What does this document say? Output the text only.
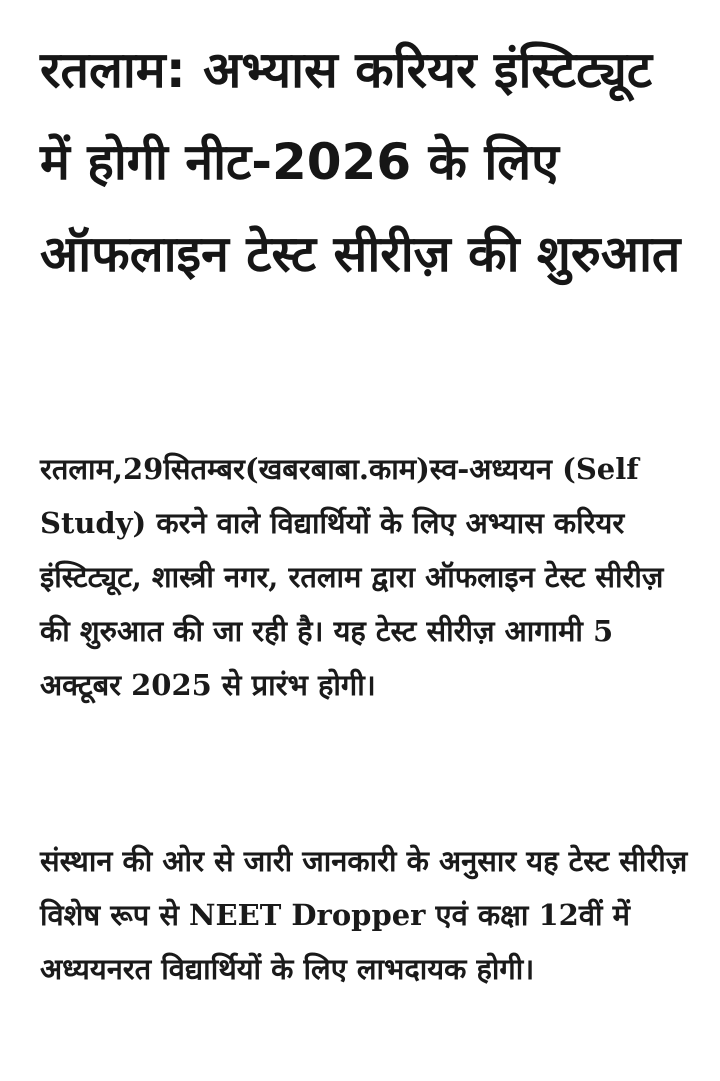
रतलाम: अभ्यास करियर इंस्टिट्यूट में होगी नीट-2026 के लिए ऑफलाइन टेस्ट सीरीज़ की शुरुआत

रतलाम,29सितम्बर(खबरबाबा.काम)स्व-अध्ययन (Self Study) करने वाले विद्यार्थियों के लिए अभ्यास करियर इंस्टिट्यूट, शास्त्री नगर, रतलाम द्वारा ऑफलाइन टेस्ट सीरीज़ की शुरुआत की जा रही है। यह टेस्ट सीरीज़ आगामी 5 अक्टूबर 2025 से प्रारंभ होगी।

संस्थान की ओर से जारी जानकारी के अनुसार यह टेस्ट सीरीज़ विशेष रूप से NEET Dropper एवं कक्षा 12वीं में अध्ययनरत विद्यार्थियों के लिए लाभदायक होगी।
